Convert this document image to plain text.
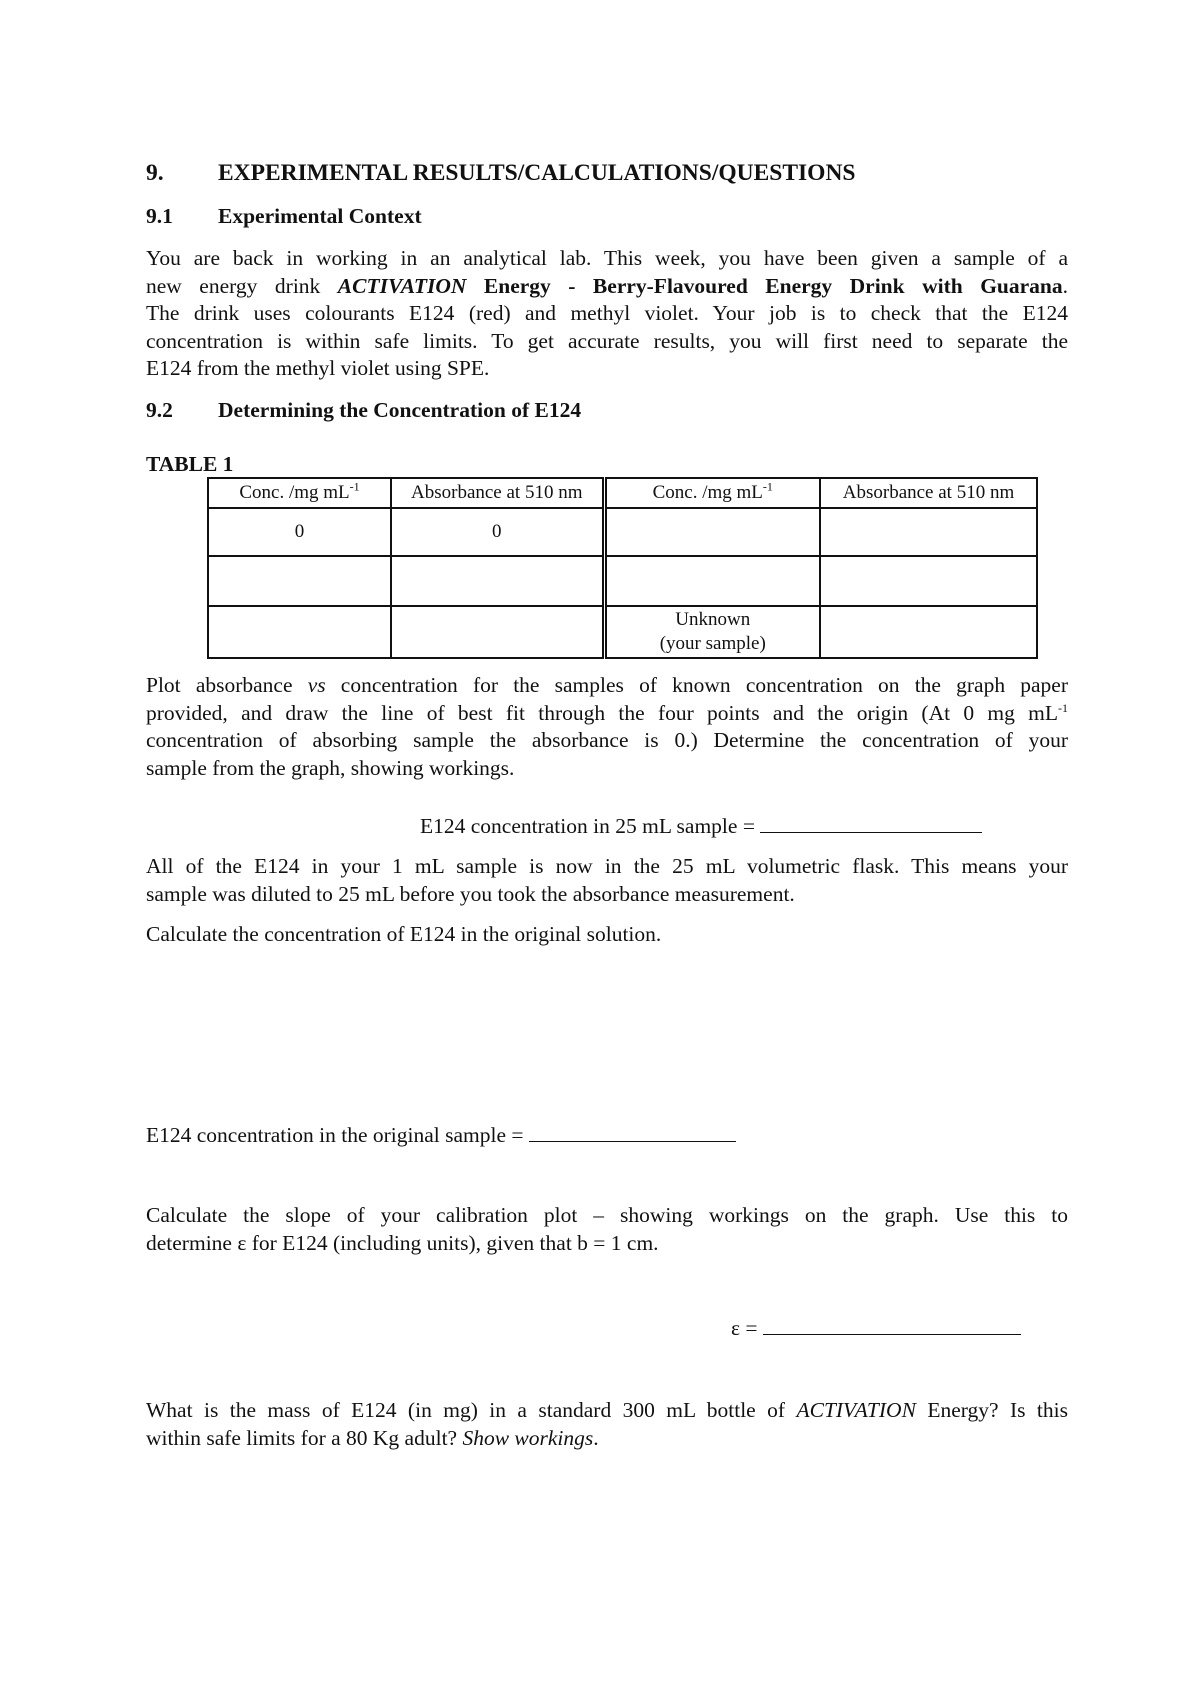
9. EXPERIMENTAL RESULTS/CALCULATIONS/QUESTIONS
9.1 Experimental Context
You are back in working in an analytical lab. This week, you have been given a sample of a
new energy drink ACTIVATION Energy - Berry-Flavoured Energy Drink with Guarana.
The drink uses colourants E124 (red) and methyl violet. Your job is to check that the E124
concentration is within safe limits. To get accurate results, you will first need to separate the
E124 from the methyl violet using SPE.
9.2 Determining the Concentration of E124
TABLE 1
Conc. /mg $mL^{-1}$	Absorbance at 510 nm	Conc. /mg $mL^{-1}$	Absorbance at 510 nm
0	0		

		Unknown
(your sample)	
Plot absorbance vs concentration for the samples of known concentration on the graph paper
provided, and draw the line of best fit through the four points and the origin (At 0 mg $mL^{-1}$
concentration of absorbing sample the absorbance is 0.) Determine the concentration of your
sample from the graph, showing workings.
E124 concentration in 25 mL sample =
All of the E124 in your 1 mL sample is now in the 25 mL volumetric flask. This means your
sample was diluted to 25 mL before you took the absorbance measurement.
Calculate the concentration of E124 in the original solution.
E124 concentration in the original sample =
Calculate the slope of your calibration plot – showing workings on the graph. Use this to
determine ε for E124 (including units), given that b = 1 cm.
ε =
What is the mass of E124 (in mg) in a standard 300 mL bottle of ACTIVATION Energy? Is this
within safe limits for a 80 Kg adult? Show workings.
